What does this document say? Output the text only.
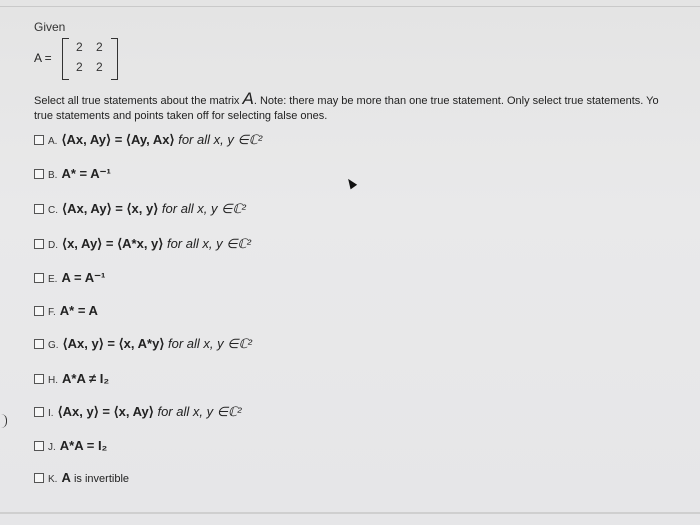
Given
A =
2 2
2 2
Select all true statements about the matrix A. Note: there may be more than one true statement. Only select true statements. Yo
true statements and points taken off for selecting false ones.
A. ⟨Ax, Ay⟩ = ⟨Ay, Ax⟩ for all x, y ∈ℂ²
B. A* = A⁻¹
C. ⟨Ax, Ay⟩ = ⟨x, y⟩ for all x, y ∈ℂ²
D. ⟨x, Ay⟩ = ⟨A*x, y⟩ for all x, y ∈ℂ²
E. A = A⁻¹
F. A* = A
G. ⟨Ax, y⟩ = ⟨x, A*y⟩ for all x, y ∈ℂ²
H. A*A ≠ I₂
I. ⟨Ax, y⟩ = ⟨x, Ay⟩ for all x, y ∈ℂ²
J. A*A = I₂
K. A is invertible
